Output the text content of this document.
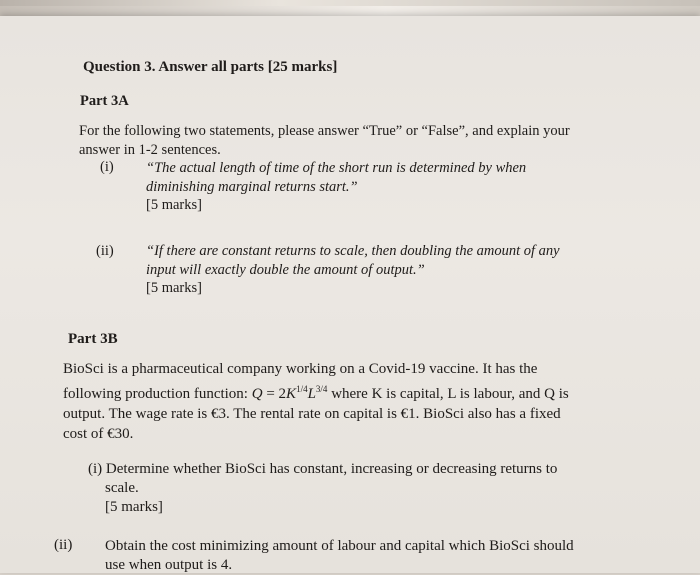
Question 3. Answer all parts [25 marks]
Part 3A
For the following two statements, please answer “True” or “False”, and explain your
answer in 1-2 sentences.
(i) “The actual length of time of the short run is determined by when
diminishing marginal returns start.”
[5 marks]
(ii) “If there are constant returns to scale, then doubling the amount of any
input will exactly double the amount of output.”
[5 marks]
Part 3B
BioSci is a pharmaceutical company working on a Covid-19 vaccine. It has the
following production function: $Q = 2K^{1/4}L^{3/4}$ where K is capital, L is labour, and Q is
output. The wage rate is €3. The rental rate on capital is €1. BioSci also has a fixed
cost of €30.
(i) Determine whether BioSci has constant, increasing or decreasing returns to
scale.
[5 marks]
(ii) Obtain the cost minimizing amount of labour and capital which BioSci should
use when output is 4.
